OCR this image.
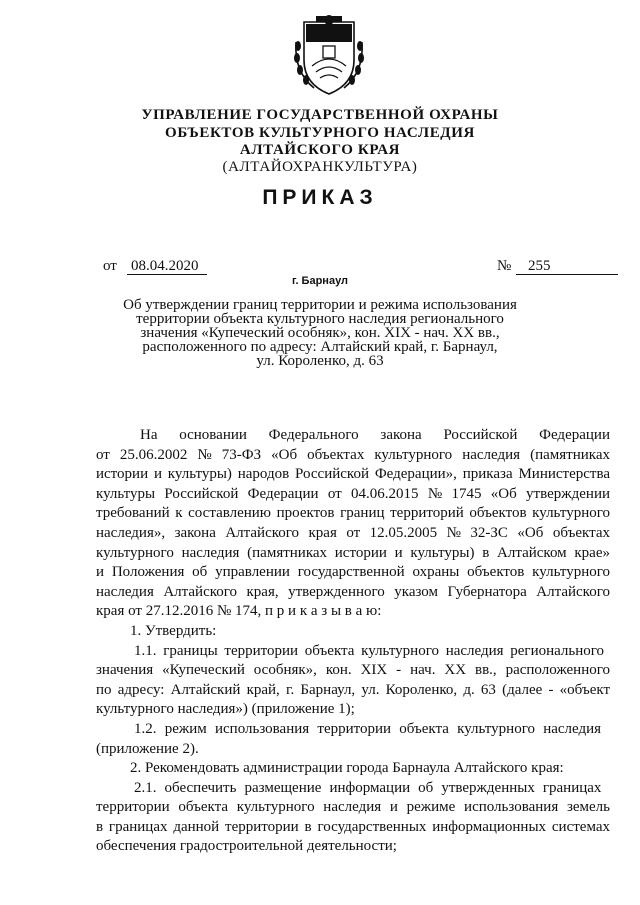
УПРАВЛЕНИЕ ГОСУДАРСТВЕННОЙ ОХРАНЫ
ОБЪЕКТОВ КУЛЬТУРНОГО НАСЛЕДИЯ
АЛТАЙСКОГО КРАЯ
(АЛТАЙОХРАНКУЛЬТУРА)
ПРИКАЗ
от 08.04.2020	№	255
г. Барнаул
Об утверждении границ территории и режима использования
территории объекта культурного наследия регионального
значения «Купеческий особняк», кон. XIX - нач. XX вв.,
расположенного по адресу: Алтайский край, г. Барнаул,
ул. Короленко, д. 63
На основании Федерального закона Российской Федерации
от 25.06.2002 № 73-ФЗ «Об объектах культурного наследия (памятниках
истории и культуры) народов Российской Федерации», приказа Министерства
культуры Российской Федерации от 04.06.2015 № 1745 «Об утверждении
требований к составлению проектов границ территорий объектов культурного
наследия», закона Алтайского края от 12.05.2005 № 32-ЗС «Об объектах
культурного наследия (памятниках истории и культуры) в Алтайском крае»
и Положения об управлении государственной охраны объектов культурного
наследия Алтайского края, утвержденного указом Губернатора Алтайского
края от 27.12.2016 № 174, п р и к а з ы в а ю:
1. Утвердить:
1.1. границы территории объекта культурного наследия регионального
значения «Купеческий особняк», кон. XIX - нач. XX вв., расположенного
по адресу: Алтайский край, г. Барнаул, ул. Короленко, д. 63 (далее - «объект
культурного наследия») (приложение 1);
1.2. режим использования территории объекта культурного наследия
(приложение 2).
2. Рекомендовать администрации города Барнаула Алтайского края:
2.1. обеспечить размещение информации об утвержденных границах
территории объекта культурного наследия и режиме использования земель
в границах данной территории в государственных информационных системах
обеспечения градостроительной деятельности;
